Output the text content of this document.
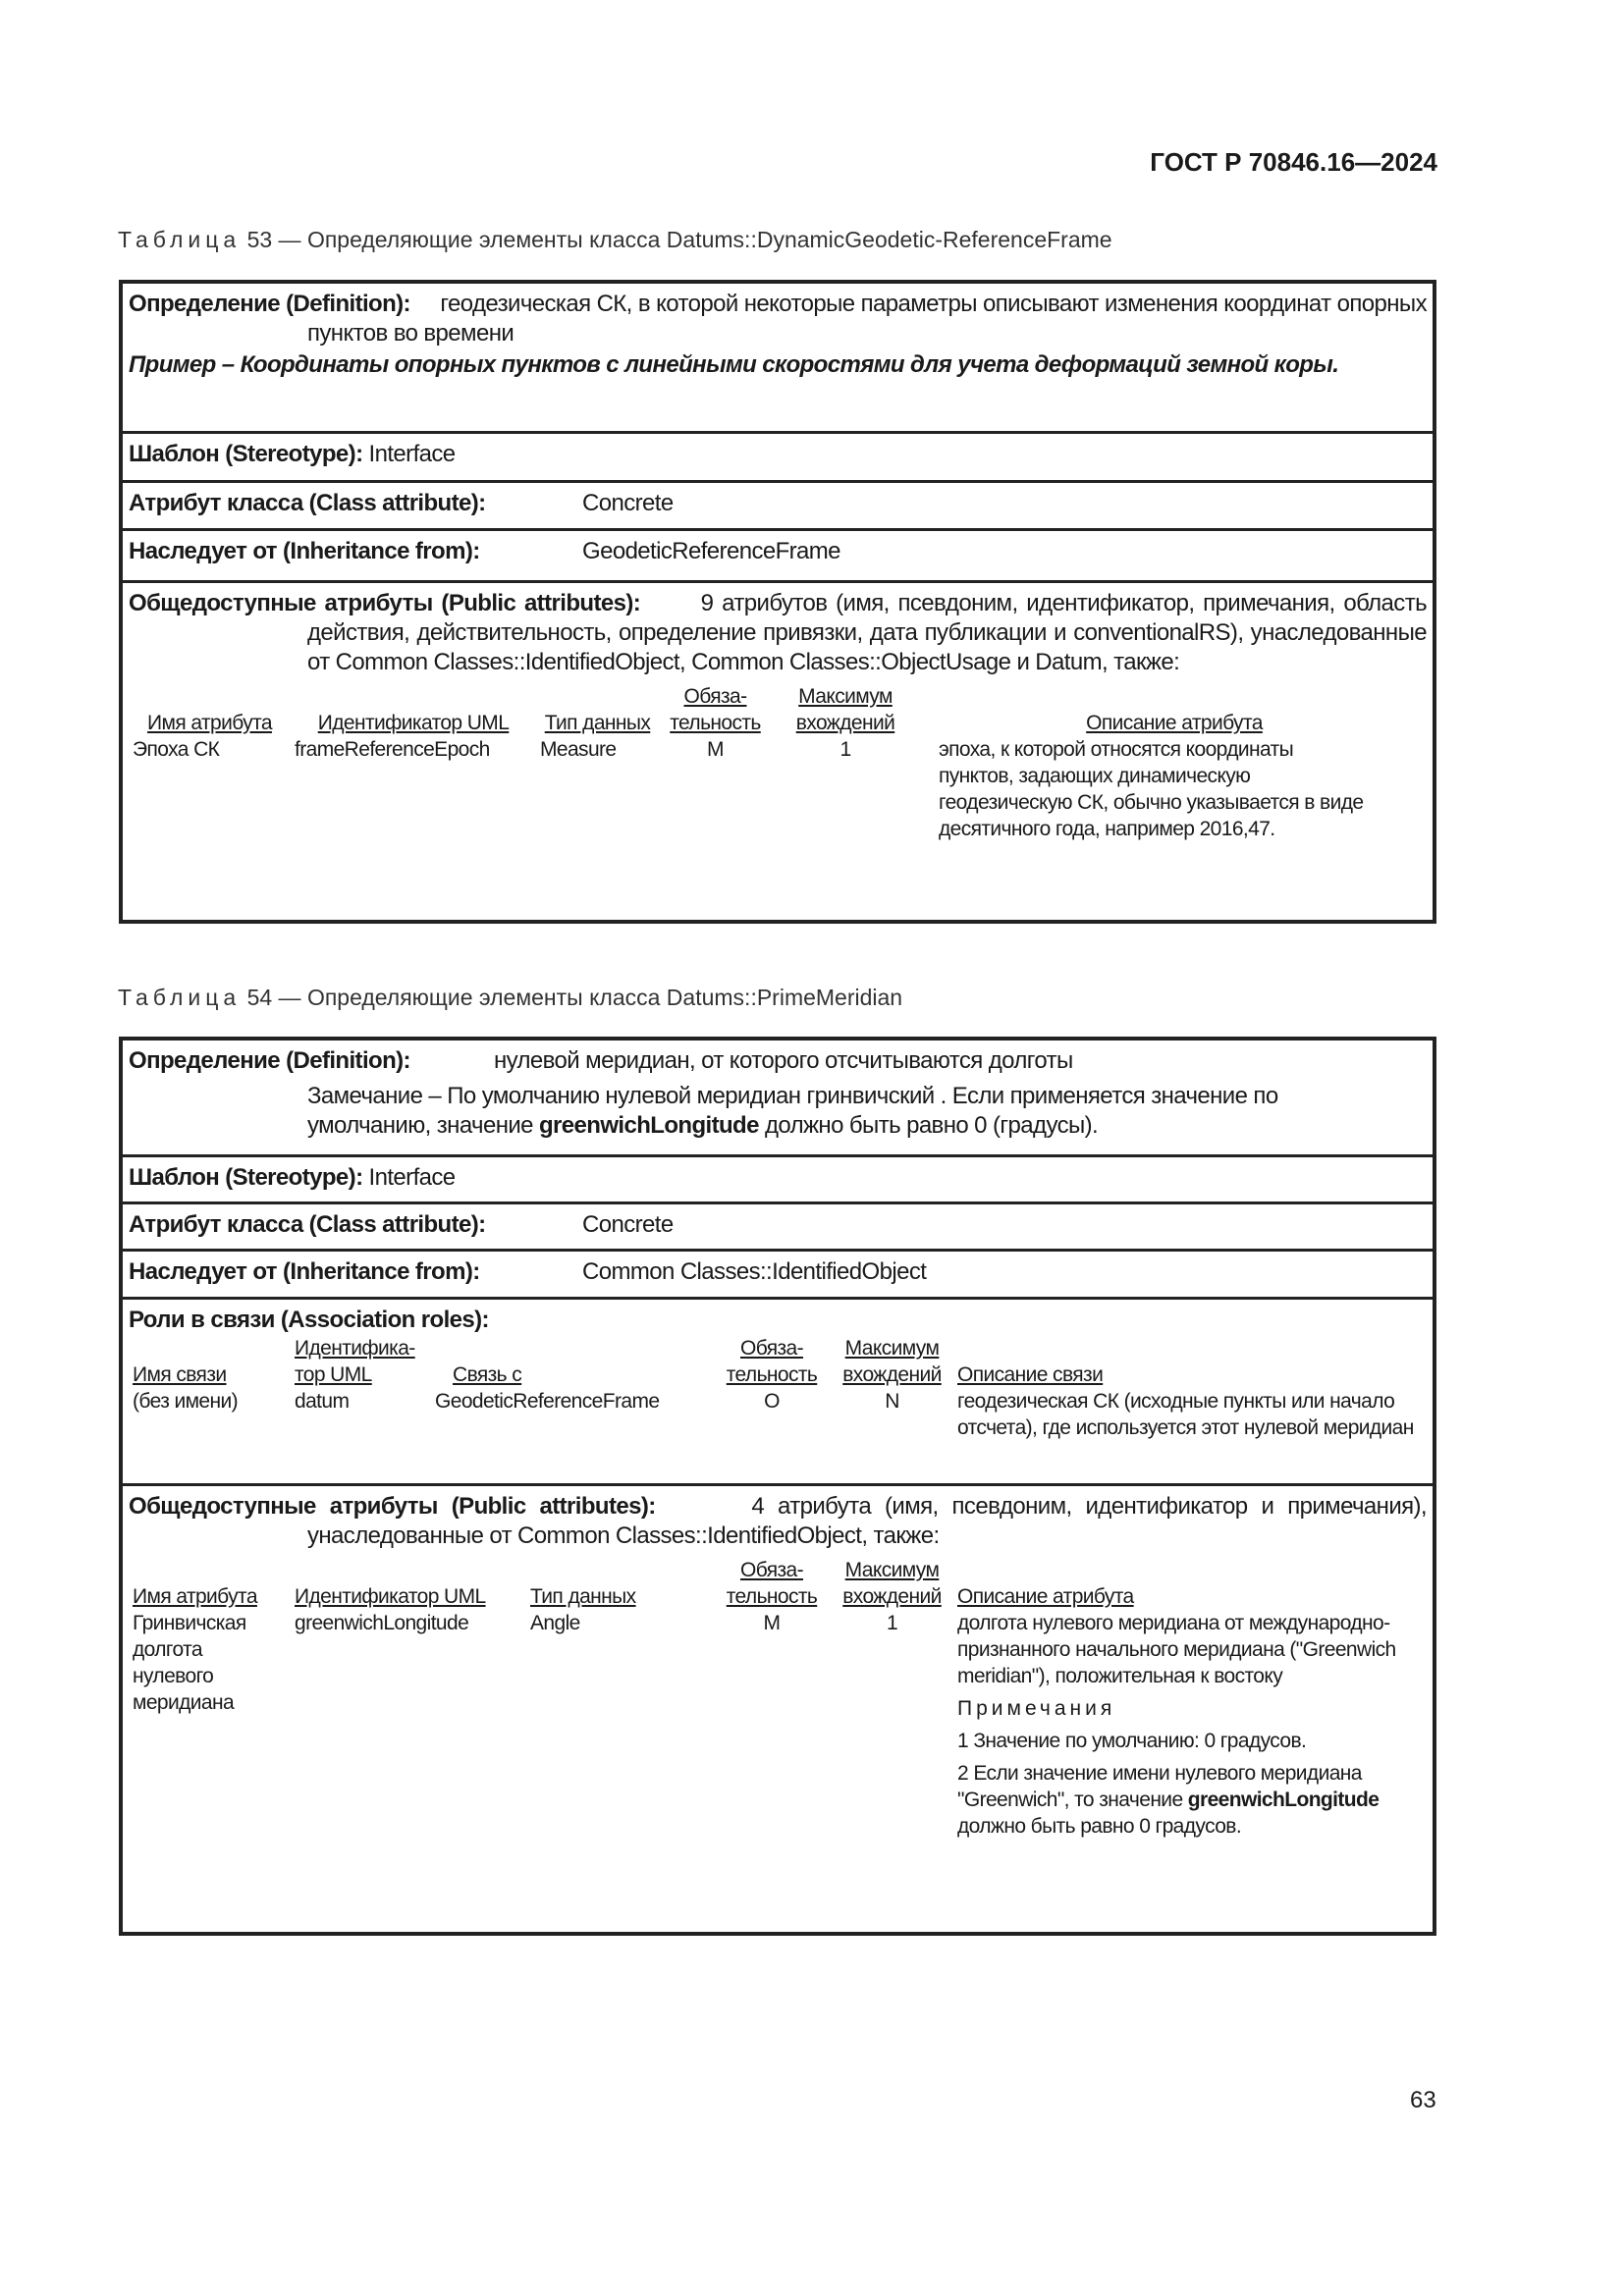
ГОСТ Р 70846.16—2024
Таблица 53 — Определяющие элементы класса Datums::DynamicGeodetic-ReferenceFrame
Определение (Definition): геодезическая СК, в которой некоторые параметры описывают изменения координат опорных пунктов во времени
Пример – Координаты опорных пунктов с линейными скоростями для учета деформаций земной коры.
Шаблон (Stereotype): Interface
Атрибут класса (Class attribute):	Concrete
Наследует от (Inheritance from):	GeodeticReferenceFrame
Общедоступные атрибуты (Public attributes):	9 атрибутов (имя, псевдоним, идентификатор, примечания, область действия, действительность, определение привязки, дата публикации и conventionalRS), унаследованные от Common Classes::IdentifiedObject, Common Classes::ObjectUsage и Datum, также:
Имя атрибута	Идентификатор UML	Тип данных	Обяза-тельность	Максимум вхождений	Описание атрибута
Эпоха СК	frameReferenceEpoch	Measure	M	1	эпоха, к которой относятся координаты пунктов, задающих динамическую геодезическую СК, обычно указывается в виде десятичного года, например 2016,47.
Таблица 54 — Определяющие элементы класса Datums::PrimeMeridian
Определение (Definition):	нулевой меридиан, от которого отсчитываются долготы
Замечание – По умолчанию нулевой меридиан гринвичский . Если применяется значение по умолчанию, значение greenwichLongitude должно быть равно 0 (градусы).
Шаблон (Stereotype): Interface
Атрибут класса (Class attribute):	Concrete
Наследует от (Inheritance from):	Common Classes::IdentifiedObject
Роли в связи (Association roles):
Имя связи	Идентифика-тор UML	Связь с	Обяза-тельность	Максимум вхождений	Описание связи
(без имени)	datum	GeodeticReferenceFrame	O	N	геодезическая СК (исходные пункты или начало отсчета), где используется этот нулевой меридиан
Общедоступные атрибуты (Public attributes):	4 атрибута (имя, псевдоним, идентификатор и примечания), унаследованные от Common Classes::IdentifiedObject, также:
Имя атрибута	Идентификатор UML	Тип данных	Обяза-тельность	Максимум вхождений	Описание атрибута
Гринвичская долгота нулевого меридиана	greenwichLongitude	Angle	M	1	долгота нулевого меридиана от международно-признанного начального меридиана ("Greenwich meridian"), положительная к востоку
Примечания
1 Значение по умолчанию: 0 градусов.
2 Если значение имени нулевого меридиана "Greenwich", то значение greenwichLongitude должно быть равно 0 градусов.
63
